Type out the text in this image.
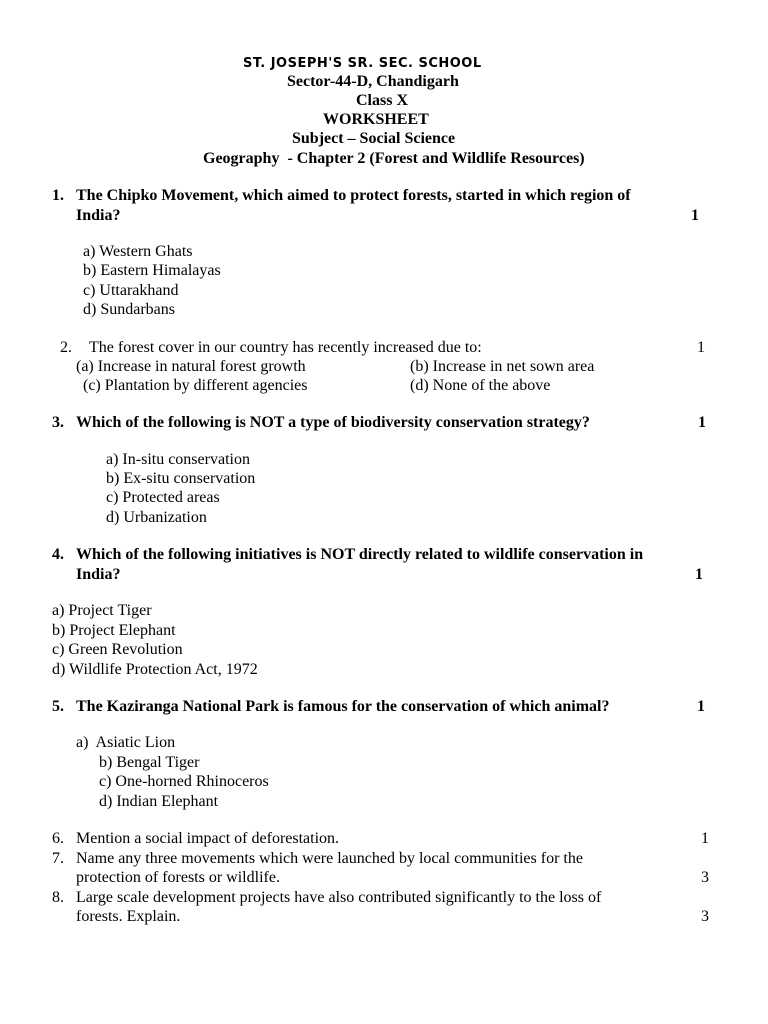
ST. JOSEPH'S SR. SEC. SCHOOL
Sector-44-D, Chandigarh
Class X
WORKSHEET
Subject – Social Science
Geography  - Chapter 2 (Forest and Wildlife Resources)
1. The Chipko Movement, which aimed to protect forests, started in which region of
India?	1
a) Western Ghats
b) Eastern Himalayas
c) Uttarakhand
d) Sundarbans
2. The forest cover in our country has recently increased due to:	1
(a) Increase in natural forest growth	(b) Increase in net sown area
(c) Plantation by different agencies	(d) None of the above
3. Which of the following is NOT a type of biodiversity conservation strategy?	1
a) In-situ conservation
b) Ex-situ conservation
c) Protected areas
d) Urbanization
4. Which of the following initiatives is NOT directly related to wildlife conservation in
India?	1
a) Project Tiger
b) Project Elephant
c) Green Revolution
d) Wildlife Protection Act, 1972
5. The Kaziranga National Park is famous for the conservation of which animal?	1
a)  Asiatic Lion
b) Bengal Tiger
c) One-horned Rhinoceros
d) Indian Elephant
6. Mention a social impact of deforestation.	1
7. Name any three movements which were launched by local communities for the
protection of forests or wildlife.	3
8. Large scale development projects have also contributed significantly to the loss of
forests. Explain.	3
